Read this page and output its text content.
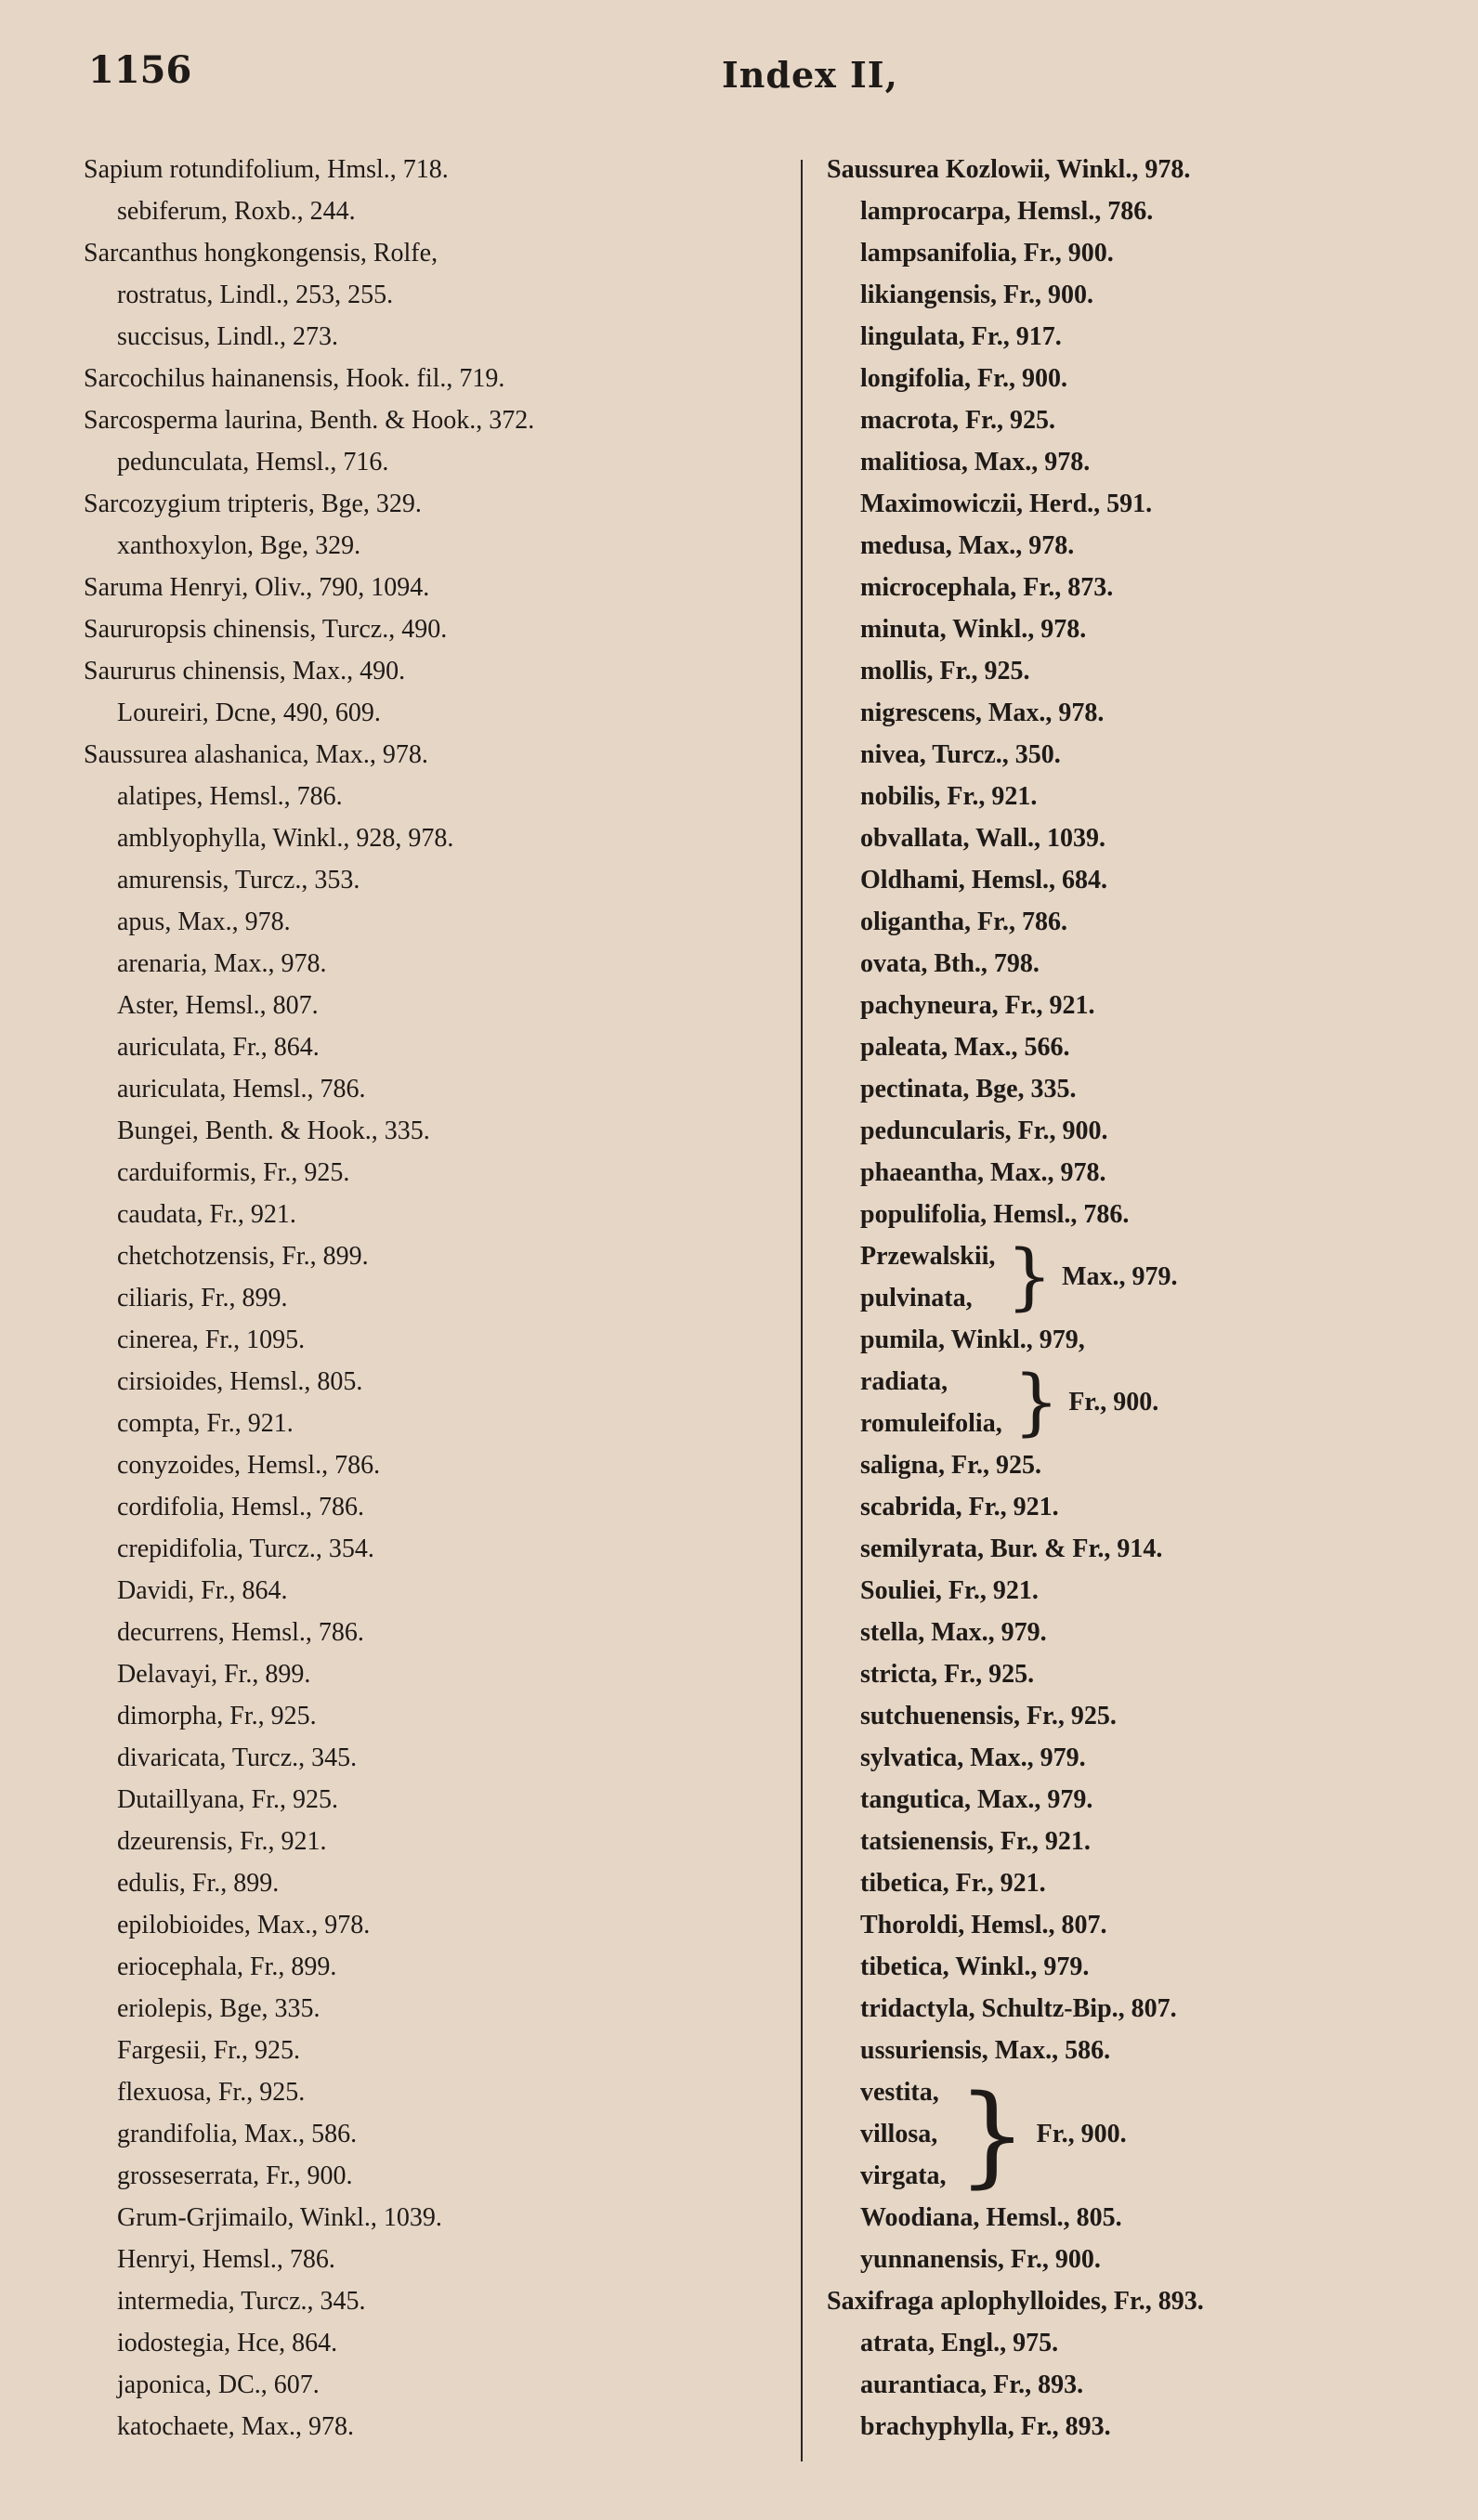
1156	Index II,
Sapium rotundifolium, Hmsl., 718.
sebiferum, Roxb., 244.
Sarcanthus hongkongensis, Rolfe,
rostratus, Lindl., 253, 255.
succisus, Lindl., 273.
Sarcochilus hainanensis, Hook. fil., 719.
Sarcosperma laurina, Benth. & Hook., 372.
pedunculata, Hemsl., 716.
Sarcozygium tripteris, Bge, 329.
xanthoxylon, Bge, 329.
Saruma Henryi, Oliv., 790, 1094.
Saururopsis chinensis, Turcz., 490.
Saururus chinensis, Max., 490.
Loureiri, Dcne, 490, 609.
Saussurea alashanica, Max., 978.
alatipes, Hemsl., 786.
amblyophylla, Winkl., 928, 978.
amurensis, Turcz., 353.
apus, Max., 978.
arenaria, Max., 978.
Aster, Hemsl., 807.
auriculata, Fr., 864.
auriculata, Hemsl., 786.
Bungei, Benth. & Hook., 335.
carduiformis, Fr., 925.
caudata, Fr., 921.
chetchotzensis, Fr., 899.
ciliaris, Fr., 899.
cinerea, Fr., 1095.
cirsioides, Hemsl., 805.
compta, Fr., 921.
conyzoides, Hemsl., 786.
cordifolia, Hemsl., 786.
crepidifolia, Turcz., 354.
Davidi, Fr., 864.
decurrens, Hemsl., 786.
Delavayi, Fr., 899.
dimorpha, Fr., 925.
divaricata, Turcz., 345.
Dutaillyana, Fr., 925.
dzeurensis, Fr., 921.
edulis, Fr., 899.
epilobioides, Max., 978.
eriocephala, Fr., 899.
eriolepis, Bge, 335.
Fargesii, Fr., 925.
flexuosa, Fr., 925.
grandifolia, Max., 586.
grosseserrata, Fr., 900.
Grum-Grjimailo, Winkl., 1039.
Henryi, Hemsl., 786.
intermedia, Turcz., 345.
iodostegia, Hce, 864.
japonica, DC., 607.
katochaete, Max., 978.
Saussurea Kozlowii, Winkl., 978.
lamprocarpa, Hemsl., 786.
lampsanifolia, Fr., 900.
likiangensis, Fr., 900.
lingulata, Fr., 917.
longifolia, Fr., 900.
macrota, Fr., 925.
malitiosa, Max., 978.
Maximowiczii, Herd., 591.
medusa, Max., 978.
microcephala, Fr., 873.
minuta, Winkl., 978.
mollis, Fr., 925.
nigrescens, Max., 978.
nivea, Turcz., 350.
nobilis, Fr., 921.
obvallata, Wall., 1039.
Oldhami, Hemsl., 684.
oligantha, Fr., 786.
ovata, Bth., 798.
pachyneura, Fr., 921.
paleata, Max., 566.
pectinata, Bge, 335.
peduncularis, Fr., 900.
phaeantha, Max., 978.
populifolia, Hemsl., 786.
Przewalskii,
pulvinata, } Max., 979.
pumila, Winkl., 979,
radiata,
romuleifolia, } Fr., 900.
saligna, Fr., 925.
scabrida, Fr., 921.
semilyrata, Bur. & Fr., 914.
Souliei, Fr., 921.
stella, Max., 979.
stricta, Fr., 925.
sutchuenensis, Fr., 925.
sylvatica, Max., 979.
tangutica, Max., 979.
tatsienensis, Fr., 921.
tibetica, Fr., 921.
Thoroldi, Hemsl., 807.
tibetica, Winkl., 979.
tridactyla, Schultz-Bip., 807.
ussuriensis, Max., 586.
vestita,
villosa,
virgata, } Fr., 900.
Woodiana, Hemsl., 805.
yunnanensis, Fr., 900.
Saxifraga aplophylloides, Fr., 893.
atrata, Engl., 975.
aurantiaca, Fr., 893.
brachyphylla, Fr., 893.
